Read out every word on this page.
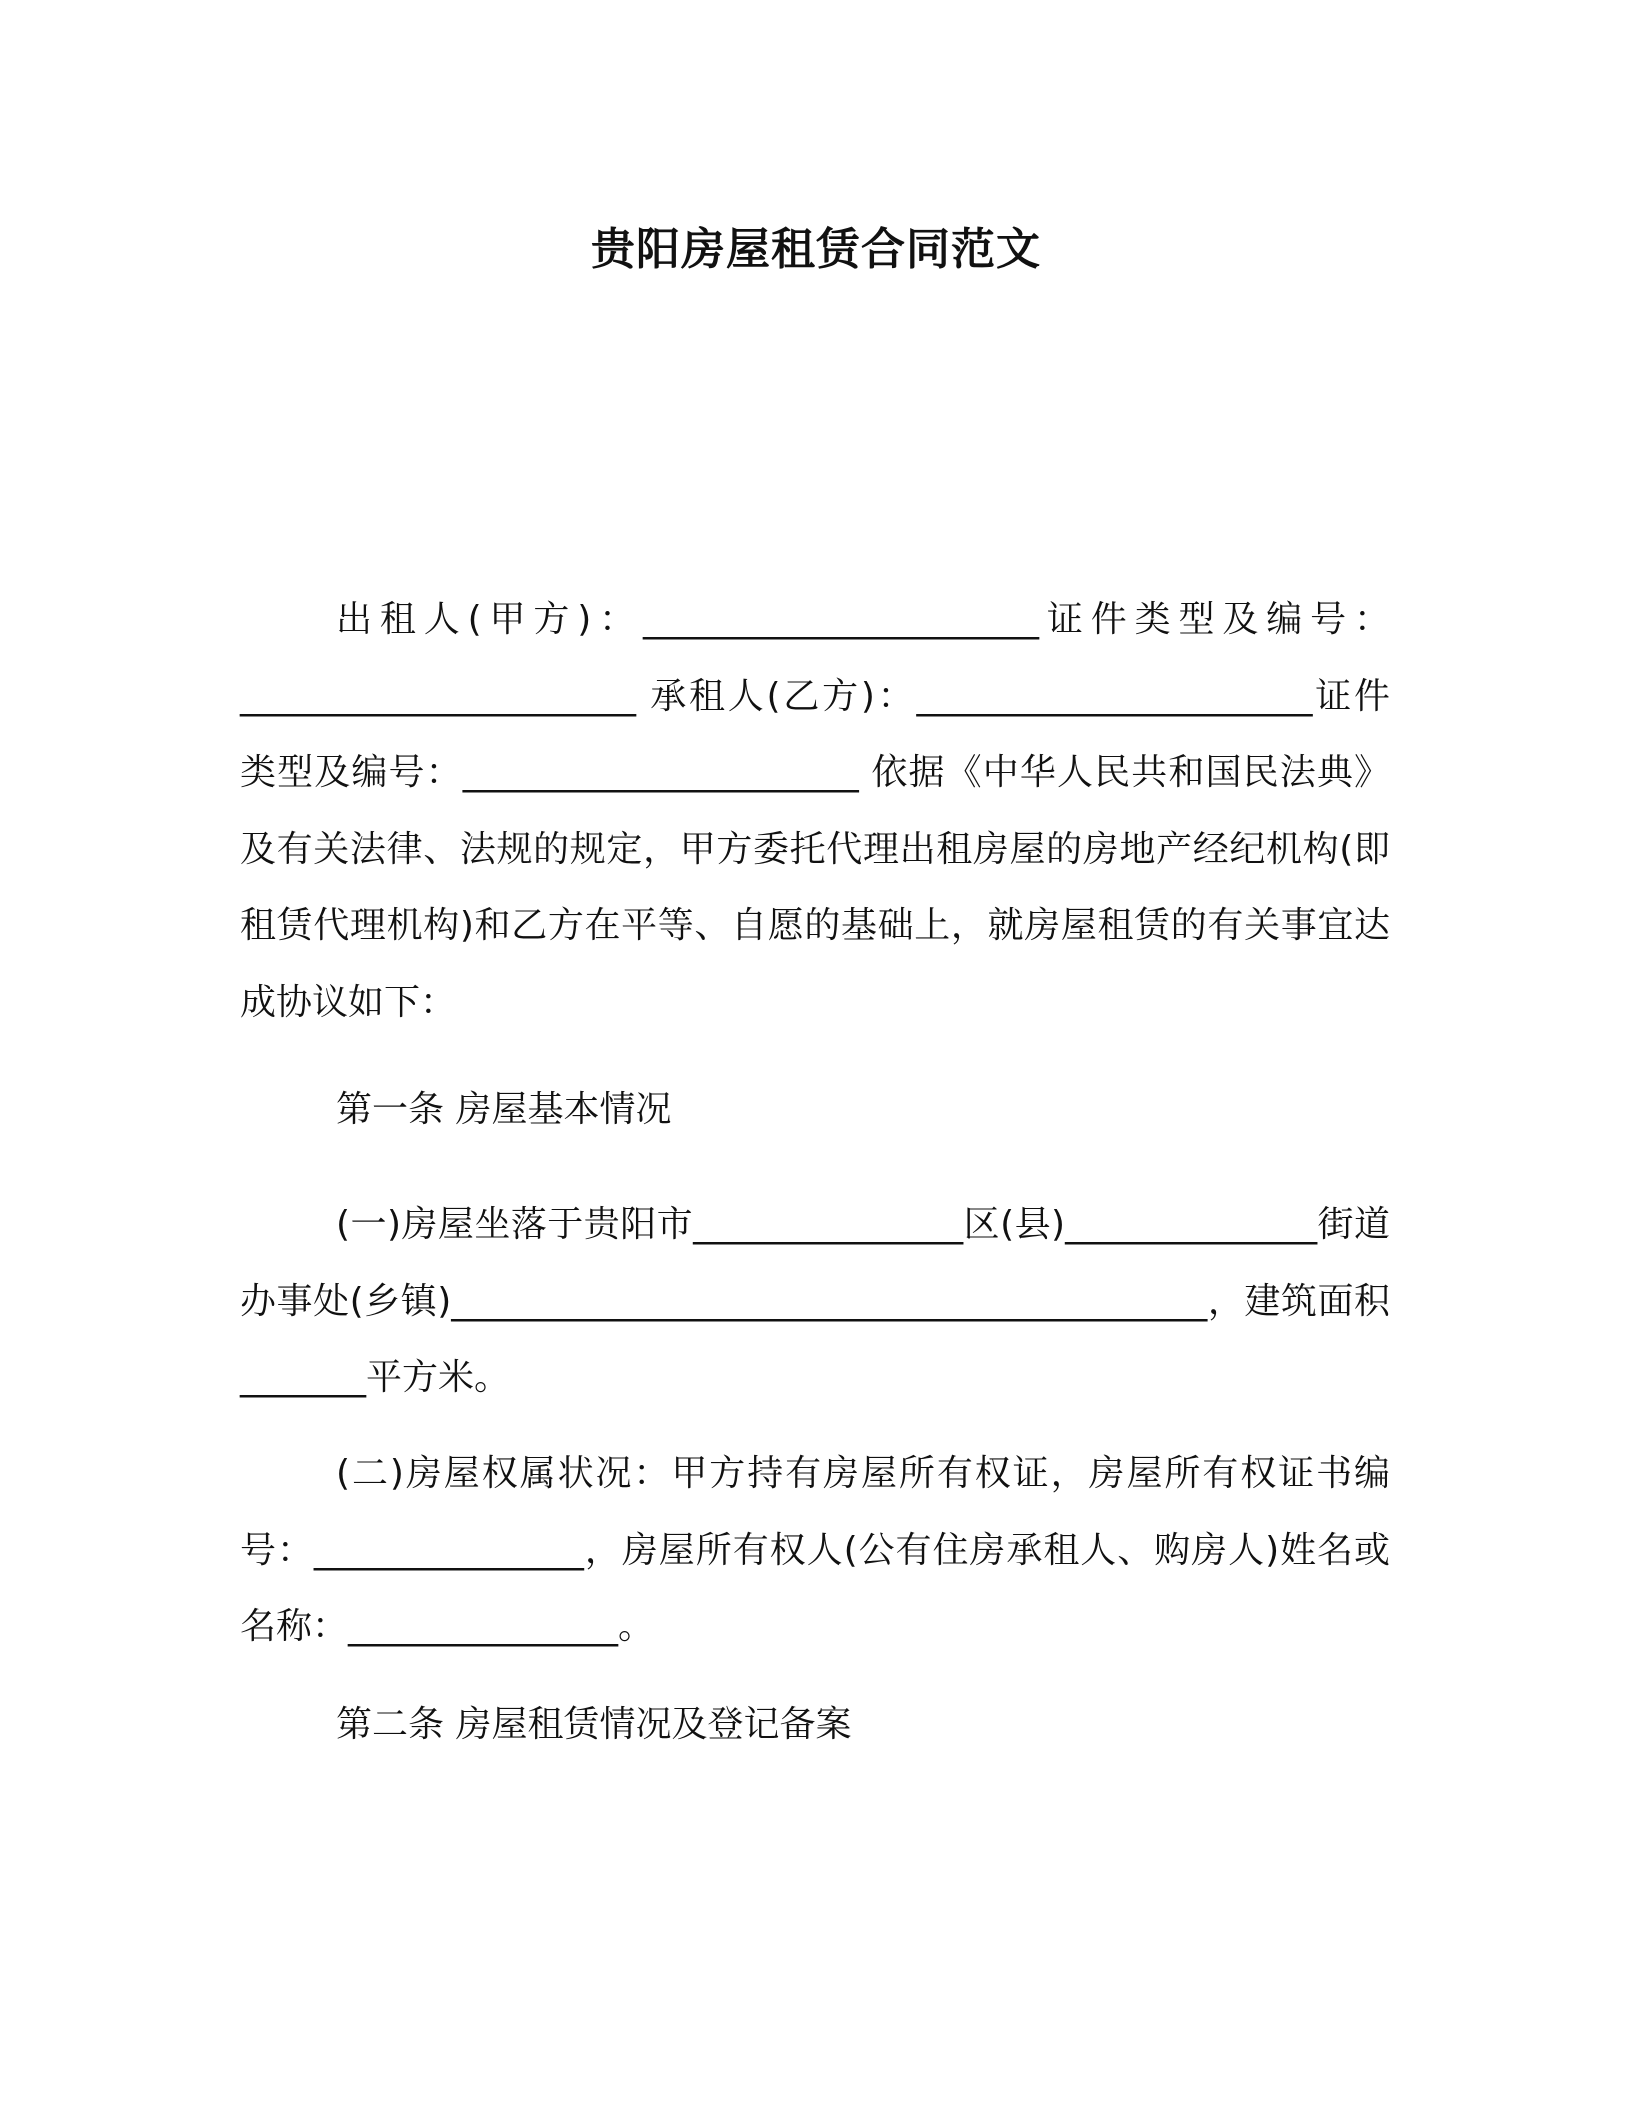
贵阳房屋租赁合同范文

出租人(甲方)：______________________证件类型及编号：______________________ 承租人(乙方)：______________________证件类型及编号：______________________ 依据《中华人民共和国民法典》及有关法律、法规的规定，甲方委托代理出租房屋的房地产经纪机构(即租赁代理机构)和乙方在平等、自愿的基础上，就房屋租赁的有关事宜达成协议如下：

第一条 房屋基本情况

(一)房屋坐落于贵阳市_______________区(县)______________街道办事处(乡镇)__________________________________________，建筑面积_______平方米。

(二)房屋权属状况：甲方持有房屋所有权证，房屋所有权证书编号：_______________，房屋所有权人(公有住房承租人、购房人)姓名或名称：_______________。

第二条 房屋租赁情况及登记备案
